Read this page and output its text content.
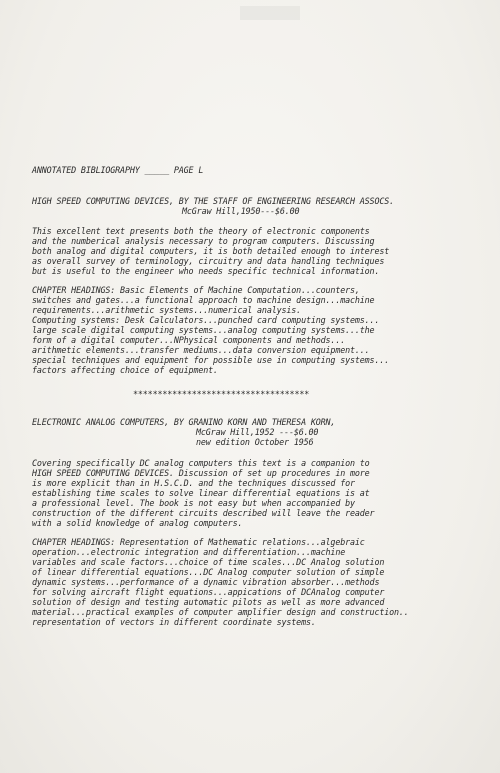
ANNOTATED BIBLIOGRAPHY _____ PAGE L
HIGH SPEED COMPUTING DEVICES, BY THE STAFF OF ENGINEERING RESEARCH ASSOCS.
McGraw Hill,1950---$6.00
This excellent text presents both the theory of electronic components
and the numberical analysis necessary to program computers. Discussing
both analog and digital computers, it is both detailed enough to interest
as overall survey of terminology, circuitry and data handling techniques
but is useful to the engineer who needs specific technical information.
CHAPTER HEADINGS: Basic Elements of Machine Computation...counters,
switches and gates...a functional approach to machine design...machine
requirements...arithmetic systems...numerical analysis.
Computing systems: Desk Calculators...punched card computing systems...
large scale digital computing systems...analog computing systems...the
form of a digital computer...NPhysical components and methods...
arithmetic elements...transfer mediums...data conversion equipment...
special techniques and equipment for possible use in computing systems...
factors affecting choice of equipment.
************************************
ELECTRONIC ANALOG COMPUTERS, BY GRANINO KORN AND THERESA KORN,
McGraw Hill,1952 ---$6.00
new edition October 1956
Covering specifically DC analog computers this text is a companion to
HIGH SPEED COMPUTING DEVICES. Discussion of set up procedures in more
is more explicit than in H.S.C.D. and the techniques discussed for
establishing time scales to solve linear differential equations is at
a professional level. The book is not easy but when accompanied by
construction of the different circuits described will leave the reader
with a solid knowledge of analog computers.
CHAPTER HEADINGS: Representation of Mathematic relations...algebraic
operation...electronic integration and differentiation...machine
variables and scale factors...choice of time scales...DC Analog solution
of linear differential equations...DC Analog computer solution of simple
dynamic systems...performance of a dynamic vibration absorber...methods
for solving aircraft flight equations...appications of DCAnalog computer
solution of design and testing automatic pilots as well as more advanced
material...practical examples of computer amplifier design and construction..
representation of vectors in different coordinate systems.
